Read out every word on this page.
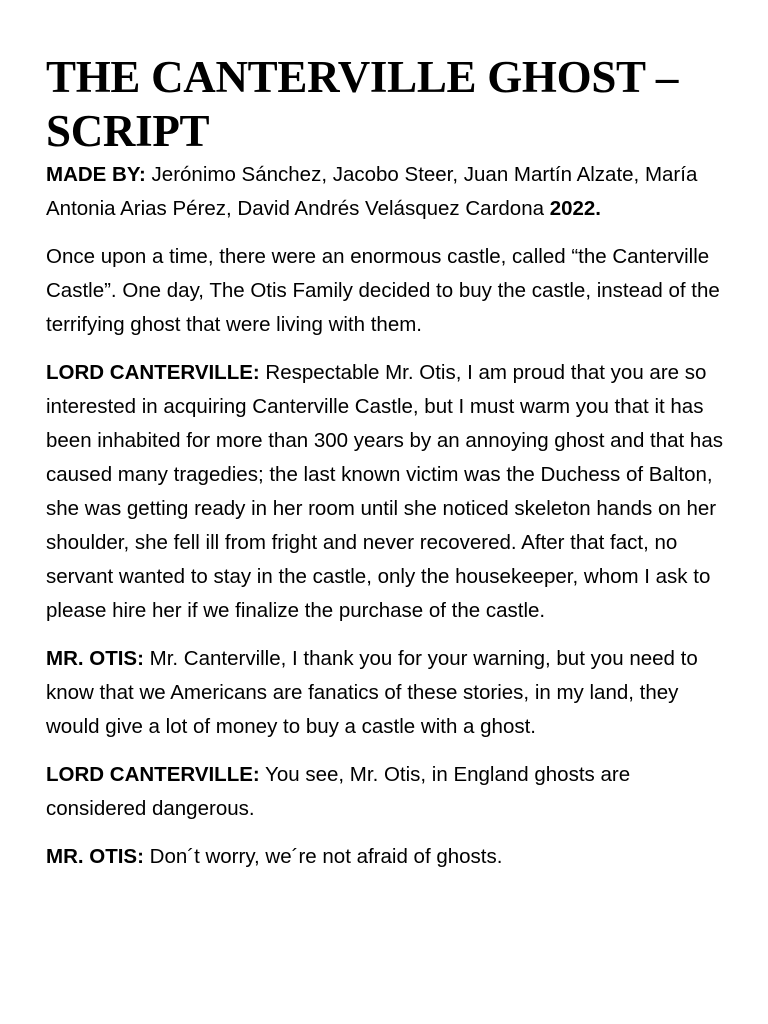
THE CANTERVILLE GHOST – SCRIPT

MADE BY: Jerónimo Sánchez, Jacobo Steer, Juan Martín Alzate, María Antonia Arias Pérez, David Andrés Velásquez Cardona 2022.

Once upon a time, there were an enormous castle, called “the Canterville Castle”. One day, The Otis Family decided to buy the castle, instead of the terrifying ghost that were living with them.

LORD CANTERVILLE: Respectable Mr. Otis, I am proud that you are so interested in acquiring Canterville Castle, but I must warm you that it has been inhabited for more than 300 years by an annoying ghost and that has caused many tragedies; the last known victim was the Duchess of Balton, she was getting ready in her room until she noticed skeleton hands on her shoulder, she fell ill from fright and never recovered. After that fact, no servant wanted to stay in the castle, only the housekeeper, whom I ask to please hire her if we finalize the purchase of the castle.

MR. OTIS: Mr. Canterville, I thank you for your warning, but you need to know that we Americans are fanatics of these stories, in my land, they would give a lot of money to buy a castle with a ghost.

LORD CANTERVILLE: You see, Mr. Otis, in England ghosts are considered dangerous.

MR. OTIS: Don´t worry, we´re not afraid of ghosts.
